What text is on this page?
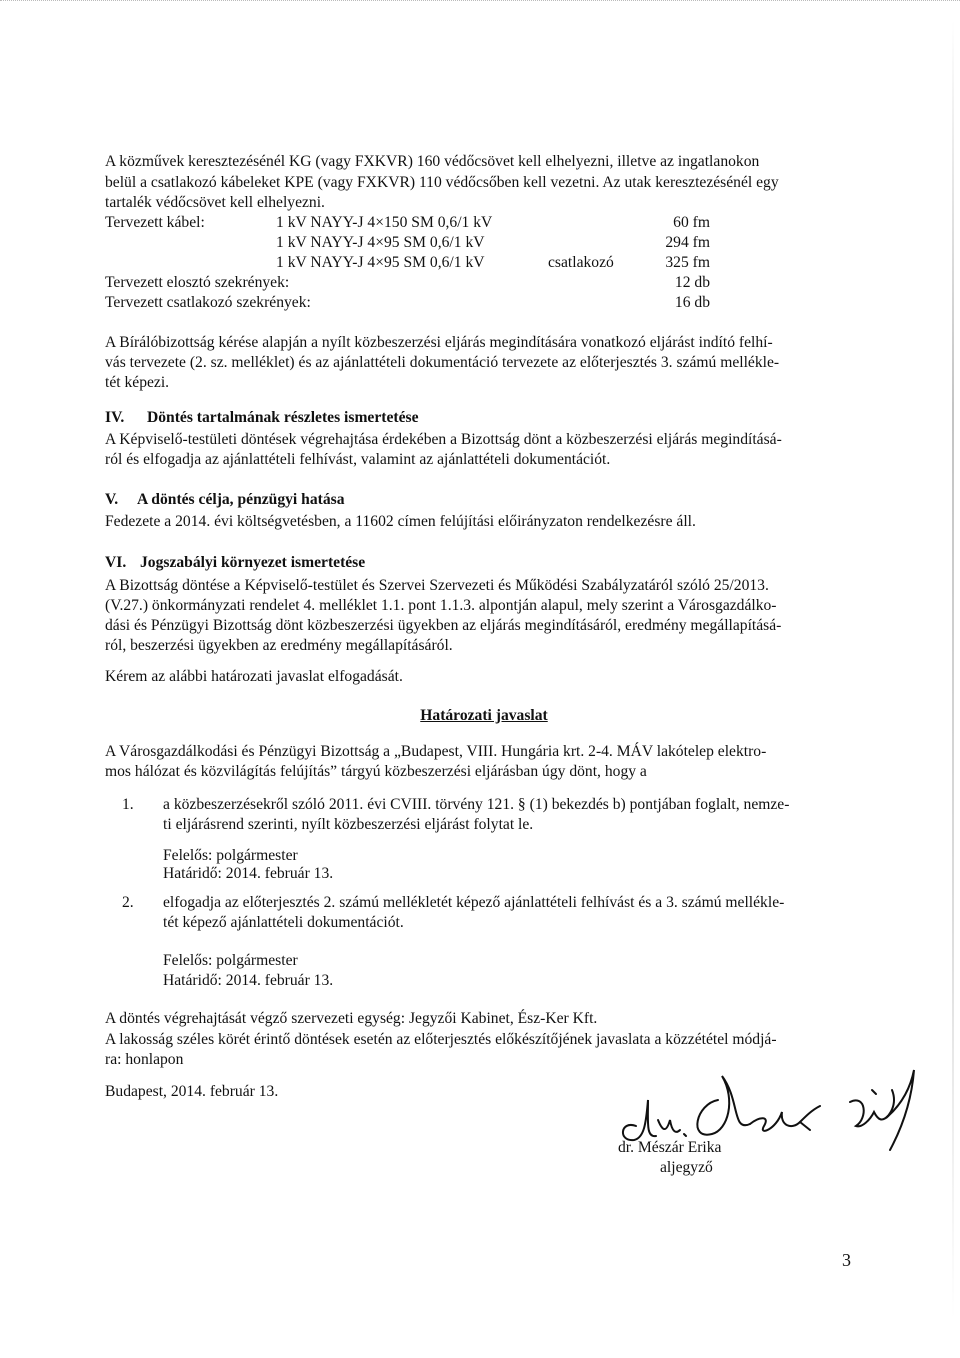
A közművek keresztezésénél KG (vagy FXKVR) 160 védőcsövet kell elhelyezni, illetve az ingatlanokon
belül a csatlakozó kábeleket KPE (vagy FXKVR) 110 védőcsőben kell vezetni. Az utak keresztezésénél egy
tartalék védőcsövet kell elhelyezni.
Tervezett kábel:	1 kV NAYY-J 4×150 SM 0,6/1 kV	60 fm
1 kV NAYY-J 4×95 SM 0,6/1 kV	294 fm
1 kV NAYY-J 4×95 SM 0,6/1 kV	csatlakozó	325 fm
Tervezett elosztó szekrények:	12 db
Tervezett csatlakozó szekrények:	16 db
A Bírálóbizottság kérése alapján a nyílt közbeszerzési eljárás megindítására vonatkozó eljárást indító felhí-
vás tervezete (2. sz. melléklet) és az ajánlattételi dokumentáció tervezete az előterjesztés 3. számú mellékle-
tét képezi.
IV. Döntés tartalmának részletes ismertetése
A Képviselő-testületi döntések végrehajtása érdekében a Bizottság dönt a közbeszerzési eljárás megindításá-
ról és elfogadja az ajánlattételi felhívást, valamint az ajánlattételi dokumentációt.
V. A döntés célja, pénzügyi hatása
Fedezete a 2014. évi költségvetésben, a 11602 címen felújítási előirányzaton rendelkezésre áll.
VI. Jogszabályi környezet ismertetése
A Bizottság döntése a Képviselő-testület és Szervei Szervezeti és Működési Szabályzatáról szóló 25/2013.
(V.27.) önkormányzati rendelet 4. melléklet 1.1. pont 1.1.3. alpontján alapul, mely szerint a Városgazdálko-
dási és Pénzügyi Bizottság dönt közbeszerzési ügyekben az eljárás megindításáról, eredmény megállapításá-
ról, beszerzési ügyekben az eredmény megállapításáról.
Kérem az alábbi határozati javaslat elfogadását.
Határozati javaslat
A Városgazdálkodási és Pénzügyi Bizottság a „Budapest, VIII. Hungária krt. 2-4. MÁV lakótelep elektro-
mos hálózat és közvilágítás felújítás” tárgyú közbeszerzési eljárásban úgy dönt, hogy a
1. a közbeszerzésekről szóló 2011. évi CVIII. törvény 121. § (1) bekezdés b) pontjában foglalt, nemze-
ti eljárásrend szerinti, nyílt közbeszerzési eljárást folytat le.
Felelős: polgármester
Határidő: 2014. február 13.
2. elfogadja az előterjesztés 2. számú mellékletét képező ajánlattételi felhívást és a 3. számú mellékle-
tét képező ajánlattételi dokumentációt.
Felelős: polgármester
Határidő: 2014. február 13.
A döntés végrehajtását végző szervezeti egység: Jegyzői Kabinet, Ész-Ker Kft.
A lakosság széles körét érintő döntések esetén az előterjesztés előkészítőjének javaslata a közzététel módjá-
ra: honlapon
Budapest, 2014. február 13.
dr. Mészár Erika
aljegyző
3
